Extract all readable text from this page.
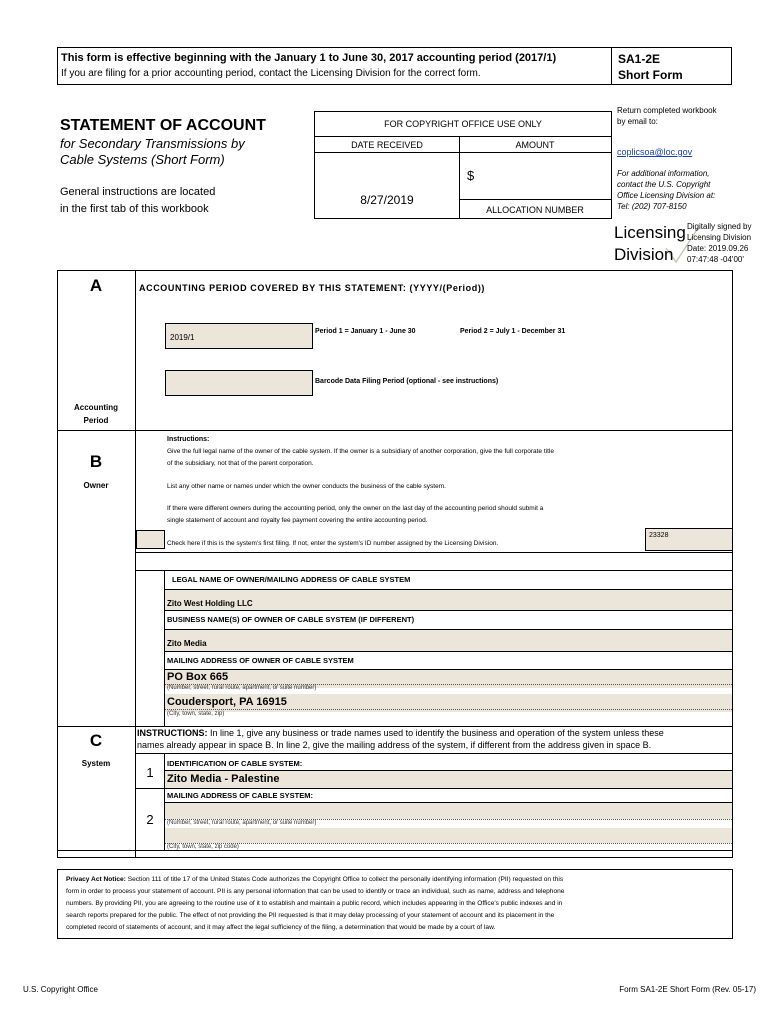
This form is effective beginning with the January 1 to June 30, 2017 accounting period (2017/1)
If you are filing for a prior accounting period, contact the Licensing Division for the correct form.
SA1-2E
Short Form
STATEMENT OF ACCOUNT
for Secondary Transmissions by
Cable Systems (Short Form)
General instructions are located
in the first tab of this workbook
FOR COPYRIGHT OFFICE USE ONLY
DATE RECEIVED	AMOUNT
8/27/2019
$
ALLOCATION NUMBER
Return completed workbook
by email to:
coplicsoa@loc.gov
For additional information,
contact the U.S. Copyright
Office Licensing Division at:
Tel: (202) 707-8150
Licensing
Division
Digitally signed by
Licensing Division
Date: 2019.09.26
07:47:48 -04'00'
A
Accounting
Period
ACCOUNTING PERIOD COVERED BY THIS STATEMENT: (YYYY/(Period))
2019/1
Period 1 = January 1 - June 30	Period 2 = July 1 - December 31
Barcode Data Filing Period (optional - see instructions)
B
Owner
Instructions:
Give the full legal name of the owner of the cable system. If the owner is a subsidiary of another corporation, give the full corporate title
of the subsidiary, not that of the parent corporation.
List any other name or names under which the owner conducts the business of the cable system.
If there were different owners during the accounting period, only the owner on the last day of the accounting period should submit a
single statement of account and royalty fee payment covering the entire accounting period.
Check here if this is the system's first filing. If not, enter the system's ID number assigned by the Licensing Division.
23328
LEGAL NAME OF OWNER/MAILING ADDRESS OF CABLE SYSTEM
Zito West Holding LLC
BUSINESS NAME(S) OF OWNER OF CABLE SYSTEM (IF DIFFERENT)
Zito Media
MAILING ADDRESS OF OWNER OF CABLE SYSTEM
PO Box 665
(Number, street, rural route, apartment, or suite number)
Coudersport, PA 16915
(City, town, state, zip)
C
System
INSTRUCTIONS: In line 1, give any business or trade names used to identify the business and operation of the system unless these
names already appear in space B. In line 2, give the mailing address of the system, if different from the address given in space B.
1
IDENTIFICATION OF CABLE SYSTEM:
Zito Media - Palestine
MAILING ADDRESS OF CABLE SYSTEM:
2	(Number, street, rural route, apartment, or suite number)
(City, town, state, zip code)
Privacy Act Notice: Section 111 of title 17 of the United States Code authorizes the Copyright Office to collect the personally identifying information (PII) requested on this
form in order to process your statement of account. PII is any personal information that can be used to identify or trace an individual, such as name, address and telephone
numbers. By providing PII, you are agreeing to the routine use of it to establish and maintain a public record, which includes appearing in the Office's public indexes and in
search reports prepared for the public. The effect of not providing the PII requested is that it may delay processing of your statement of account and its placement in the
completed record of statements of account, and it may affect the legal sufficiency of the filing, a determination that would be made by a court of law.
U.S. Copyright Office	Form SA1-2E Short Form (Rev. 05-17)
